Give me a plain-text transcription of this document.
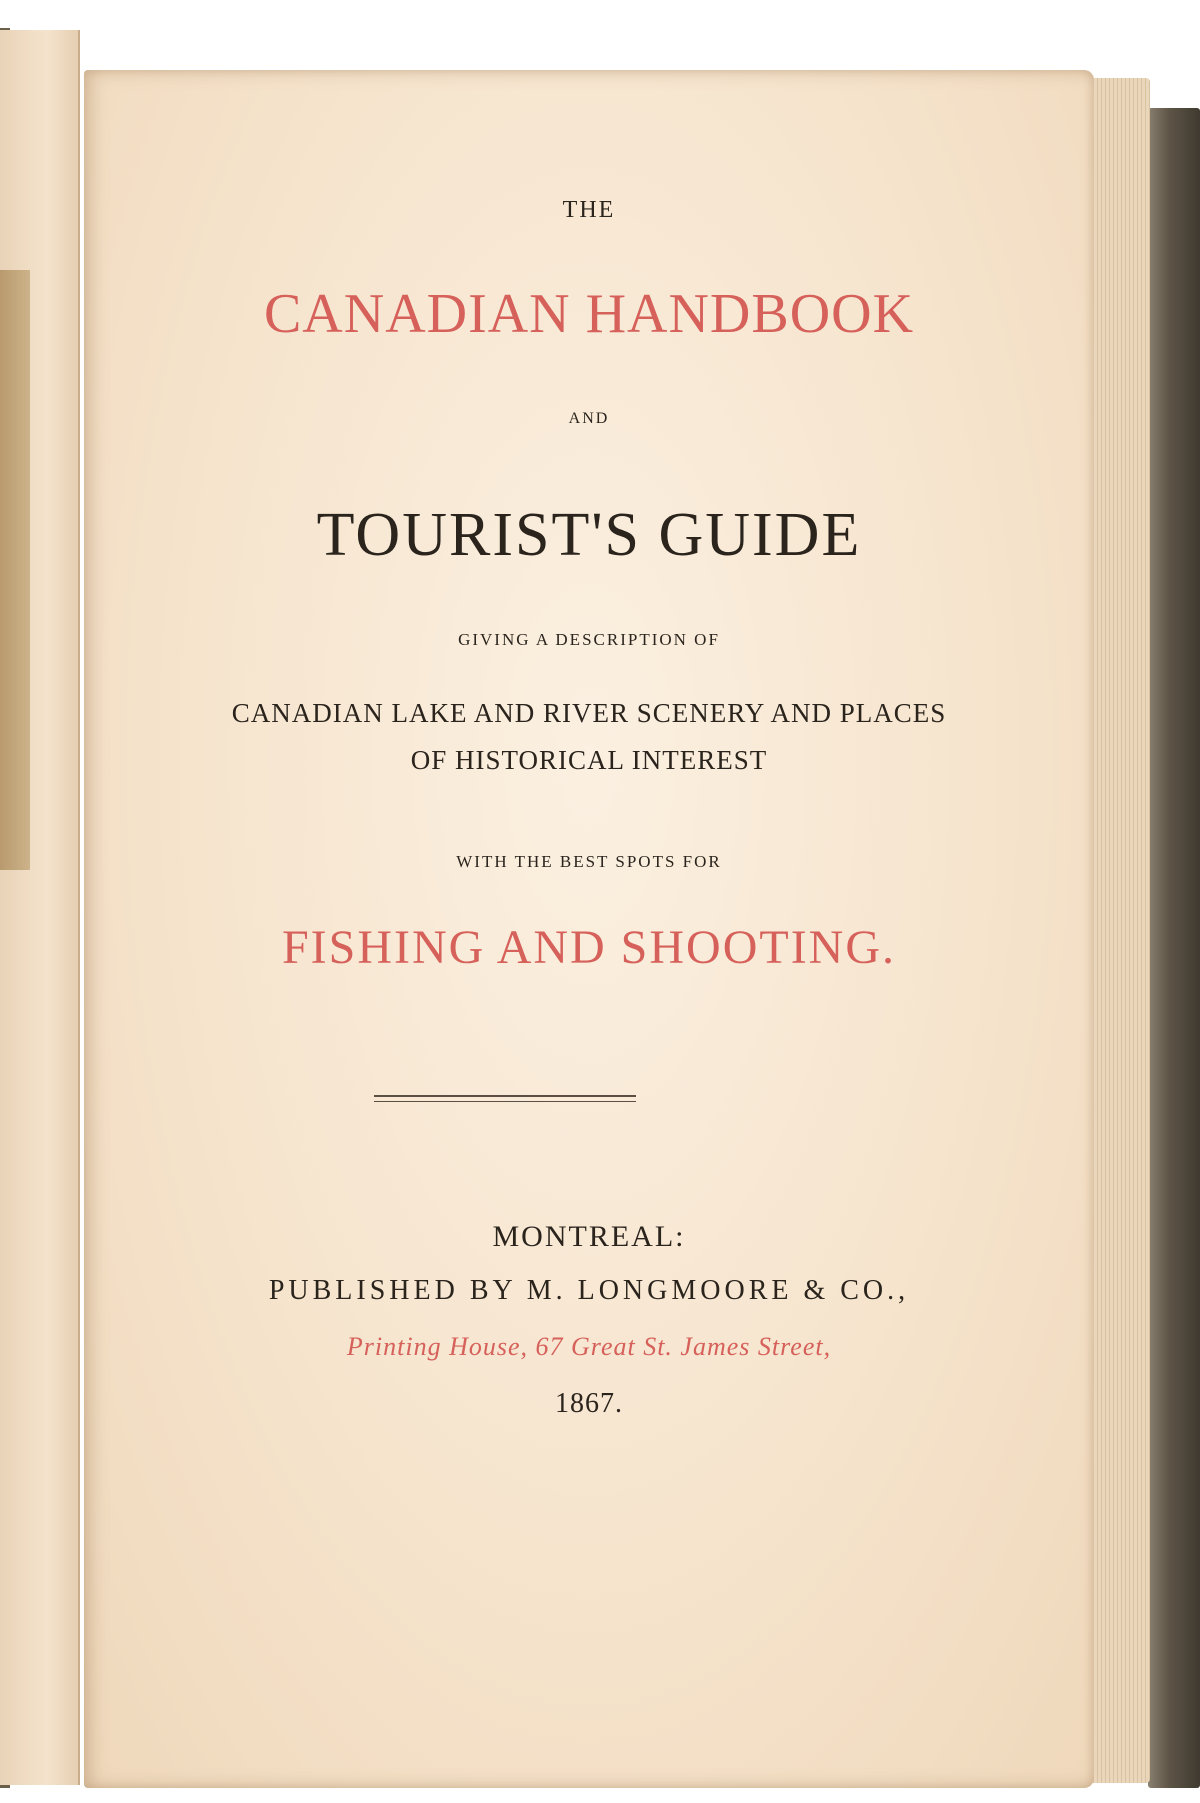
THE
CANADIAN HANDBOOK
AND
TOURIST'S GUIDE
GIVING A DESCRIPTION OF
CANADIAN LAKE AND RIVER SCENERY AND PLACES
OF HISTORICAL INTEREST
WITH THE BEST SPOTS FOR
FISHING AND SHOOTING.
MONTREAL:
PUBLISHED BY M. LONGMOORE & CO.,
Printing House, 67 Great St. James Street,
1867.
